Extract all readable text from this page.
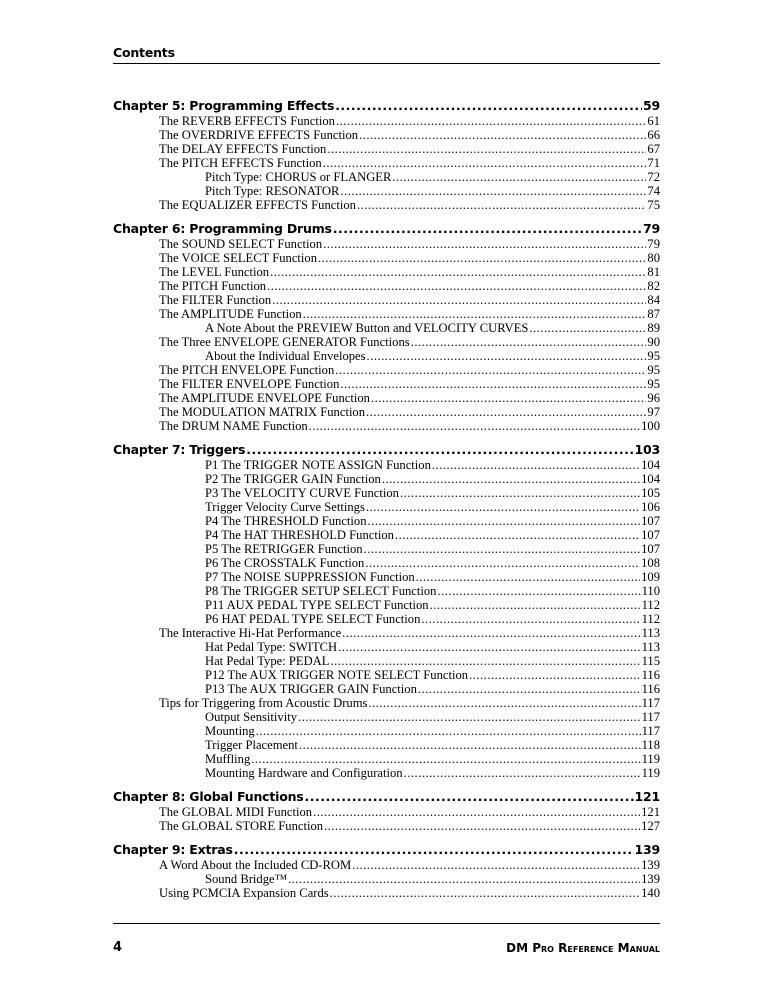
Contents
Chapter 5: Programming Effects .....	59
The REVERB EFFECTS Function .....	61
The OVERDRIVE EFFECTS Function .....	66
The DELAY EFFECTS Function .....	67
The PITCH EFFECTS Function .....	71
Pitch Type: CHORUS or FLANGER .....	72
Pitch Type: RESONATOR .....	74
The EQUALIZER EFFECTS Function .....	75
Chapter 6: Programming Drums .....	79
The SOUND SELECT Function .....	79
The VOICE SELECT Function .....	80
The LEVEL Function .....	81
The PITCH Function .....	82
The FILTER Function .....	84
The AMPLITUDE Function .....	87
A Note About the PREVIEW Button and VELOCITY CURVES .....	89
The Three ENVELOPE GENERATOR Functions .....	90
About the Individual Envelopes .....	95
The PITCH ENVELOPE Function .....	95
The FILTER ENVELOPE Function .....	95
The AMPLITUDE ENVELOPE Function .....	96
The MODULATION MATRIX Function .....	97
The DRUM NAME Function .....	100
Chapter 7: Triggers .....	103
P1 The TRIGGER NOTE ASSIGN Function .....	104
P2 The TRIGGER GAIN Function .....	104
P3 The VELOCITY CURVE Function .....	105
Trigger Velocity Curve Settings .....	106
P4 The THRESHOLD Function .....	107
P4 The HAT THRESHOLD Function .....	107
P5 The RETRIGGER Function .....	107
P6 The CROSSTALK Function .....	108
P7 The NOISE SUPPRESSION Function .....	109
P8 The TRIGGER SETUP SELECT Function .....	110
P11 AUX PEDAL TYPE SELECT Function .....	112
P6 HAT PEDAL TYPE SELECT Function .....	112
The Interactive Hi-Hat Performance .....	113
Hat Pedal Type: SWITCH .....	113
Hat Pedal Type: PEDAL .....	115
P12 The AUX TRIGGER NOTE SELECT Function .....	116
P13 The AUX TRIGGER GAIN Function .....	116
Tips for Triggering from Acoustic Drums .....	117
Output Sensitivity .....	117
Mounting .....	117
Trigger Placement .....	118
Muffling .....	119
Mounting Hardware and Configuration .....	119
Chapter 8: Global Functions .....	121
The GLOBAL MIDI Function .....	121
The GLOBAL STORE Function .....	127
Chapter 9: Extras .....	139
A Word About the Included CD-ROM .....	139
Sound Bridge™ .....	139
Using PCMCIA Expansion Cards .....	140
4	DM Pro Reference Manual
